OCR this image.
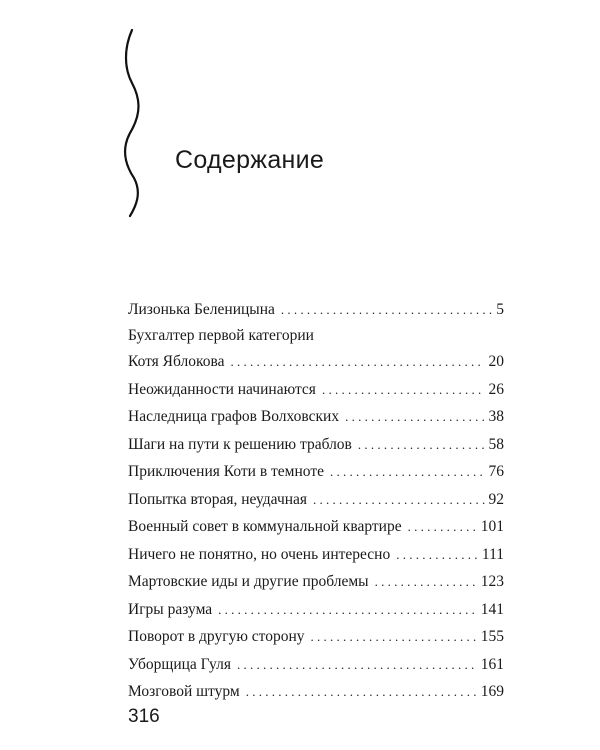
Содержание
Лизонька Беленицына . . .	5
Бухгалтер первой категории
Котя Яблокова . . .	20
Неожиданности начинаются . . .	26
Наследница графов Волховских . . .	38
Шаги на пути к решению траблов . . .	58
Приключения Коти в темноте . . .	76
Попытка вторая, неудачная . . .	92
Военный совет в коммунальной квартире . . .	101
Ничего не понятно, но очень интересно . . .	111
Мартовские иды и другие проблемы . . .	123
Игры разума . . .	141
Поворот в другую сторону . . .	155
Уборщица Гуля . . .	161
Мозговой штурм . . .	169
316
